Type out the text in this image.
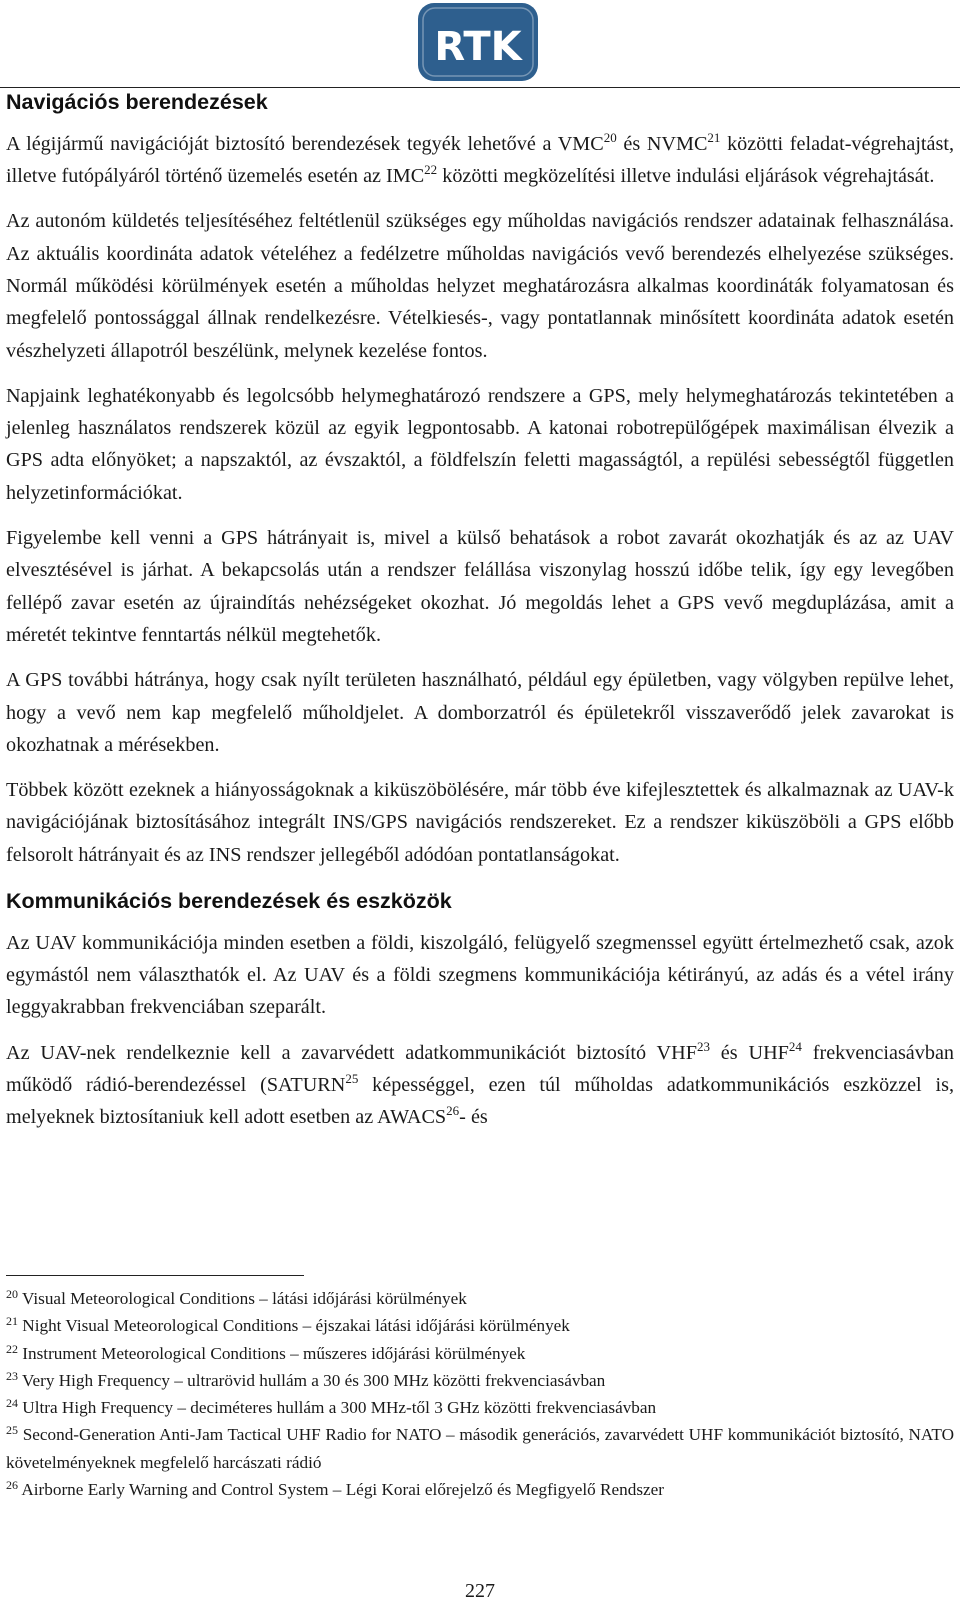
RTK
Navigációs berendezések

A légijármű navigációját biztosító berendezések tegyék lehetővé a VMC$^{20}$ és NVMC$^{21}$ közötti feladat-végrehajtást, illetve futópályáról történő üzemelés esetén az IMC$^{22}$ közötti megközelítési illetve indulási eljárások végrehajtását.

Az autonóm küldetés teljesítéséhez feltétlenül szükséges egy műholdas navigációs rendszer adatainak felhasználása. Az aktuális koordináta adatok vételéhez a fedélzetre műholdas navigációs vevő berendezés elhelyezése szükséges. Normál működési körülmények esetén a műholdas helyzet meghatározásra alkalmas koordináták folyamatosan és megfelelő pontossággal állnak rendelkezésre. Vételkiesés-, vagy pontatlannak minősített koordináta adatok esetén vészhelyzeti állapotról beszélünk, melynek kezelése fontos.

Napjaink leghatékonyabb és legolcsóbb helymeghatározó rendszere a GPS, mely helymeghatározás tekintetében a jelenleg használatos rendszerek közül az egyik legpontosabb. A katonai robotrepülőgépek maximálisan élvezik a GPS adta előnyöket; a napszaktól, az évszaktól, a földfelszín feletti magasságtól, a repülési sebességtől független helyzetinformációkat.

Figyelembe kell venni a GPS hátrányait is, mivel a külső behatások a robot zavarát okozhatják és az az UAV elvesztésével is járhat. A bekapcsolás után a rendszer felállása viszonylag hosszú időbe telik, így egy levegőben fellépő zavar esetén az újraindítás nehézségeket okozhat. Jó megoldás lehet a GPS vevő megduplázása, amit a méretét tekintve fenntartás nélkül megtehetők.

A GPS további hátránya, hogy csak nyílt területen használható, például egy épületben, vagy völgyben repülve lehet, hogy a vevő nem kap megfelelő műholdjelet. A domborzatról és épületekről visszaverődő jelek zavarokat is okozhatnak a mérésekben.

Többek között ezeknek a hiányosságoknak a kiküszöbölésére, már több éve kifejlesztettek és alkalmaznak az UAV-k navigációjának biztosításához integrált INS/GPS navigációs rendszereket. Ez a rendszer kiküszöböli a GPS előbb felsorolt hátrányait és az INS rendszer jellegéből adódóan pontatlanságokat.

Kommunikációs berendezések és eszközök

Az UAV kommunikációja minden esetben a földi, kiszolgáló, felügyelő szegmenssel együtt értelmezhető csak, azok egymástól nem választhatók el. Az UAV és a földi szegmens kommunikációja kétirányú, az adás és a vétel irány leggyakrabban frekvenciában szeparált.

Az UAV-nek rendelkeznie kell a zavarvédett adatkommunikációt biztosító VHF$^{23}$ és UHF$^{24}$ frekvenciasávban működő rádió-berendezéssel (SATURN$^{25}$ képességgel, ezen túl műholdas adatkommunikációs eszközzel is, melyeknek biztosítaniuk kell adott esetben az AWACS$^{26}$- és

$^{20}$ Visual Meteorological Conditions – látási időjárási körülmények

$^{21}$ Night Visual Meteorological Conditions – éjszakai látási időjárási körülmények

$^{22}$ Instrument Meteorological Conditions – műszeres időjárási körülmények

$^{23}$ Very High Frequency – ultrarövid hullám a 30 és 300 MHz közötti frekvenciasávban

$^{24}$ Ultra High Frequency – deciméteres hullám a 300 MHz-től 3 GHz közötti frekvenciasávban

$^{25}$ Second-Generation Anti-Jam Tactical UHF Radio for NATO – második generációs, zavarvédett UHF kommunikációt biztosító, NATO követelményeknek megfelelő harcászati rádió

$^{26}$ Airborne Early Warning and Control System – Légi Korai előrejelző és Megfigyelő Rendszer

227
